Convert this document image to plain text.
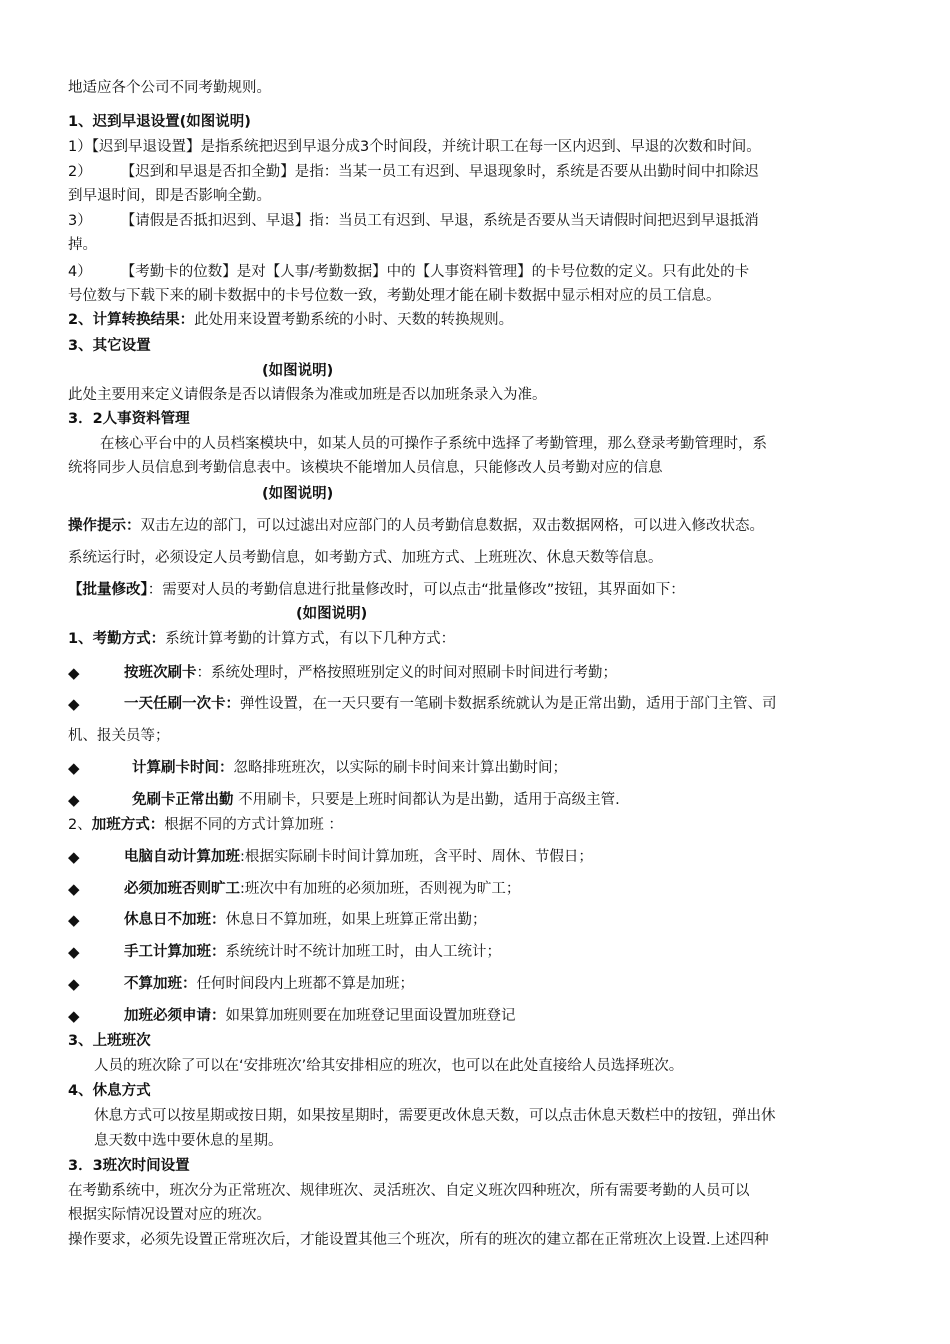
地适应各个公司不同考勤规则。
1、迟到早退设置(如图说明)
1）【迟到早退设置】是指系统把迟到早退分成3个时间段，并统计职工在每一区内迟到、早退的次数和时间。
2）　　　【迟到和早退是否扣全勤】是指：当某一员工有迟到、早退现象时，系统是否要从出勤时间中扣除迟
到早退时间，即是否影响全勤。
3）　　　【请假是否抵扣迟到、早退】指：当员工有迟到、早退，系统是否要从当天请假时间把迟到早退抵消
掉。
4）　　　【考勤卡的位数】是对【人事/考勤数据】中的【人事资料管理】的卡号位数的定义。只有此处的卡
号位数与下载下来的刷卡数据中的卡号位数一致，考勤处理才能在刷卡数据中显示相对应的员工信息。
2、计算转换结果：此处用来设置考勤系统的小时、天数的转换规则。
3、其它设置
(如图说明)
此处主要用来定义请假条是否以请假条为准或加班是否以加班条录入为准。
3．2人事资料管理
在核心平台中的人员档案模块中，如某人员的可操作子系统中选择了考勤管理，那么登录考勤管理时，系
统将同步人员信息到考勤信息表中。该模块不能增加人员信息，只能修改人员考勤对应的信息
(如图说明)
操作提示：双击左边的部门，可以过滤出对应部门的人员考勤信息数据，双击数据网格，可以进入修改状态。
系统运行时，必须设定人员考勤信息，如考勤方式、加班方式、上班班次、休息天数等信息。
【批量修改】：需要对人员的考勤信息进行批量修改时，可以点击“批量修改”按钮，其界面如下：
(如图说明)
1、考勤方式：系统计算考勤的计算方式，有以下几种方式：
◆	按班次刷卡：系统处理时，严格按照班别定义的时间对照刷卡时间进行考勤；
◆	一天任刷一次卡：弹性设置，在一天只要有一笔刷卡数据系统就认为是正常出勤，适用于部门主管、司
机、报关员等；
◆	计算刷卡时间：忽略排班班次，以实际的刷卡时间来计算出勤时间；
◆	免刷卡正常出勤 不用刷卡，只要是上班时间都认为是出勤，适用于高级主管.
2、加班方式：根据不同的方式计算加班 ：
◆	电脑自动计算加班:根据实际刷卡时间计算加班，含平时、周休、节假日；
◆	必须加班否则旷工:班次中有加班的必须加班，否则视为旷工；
◆	休息日不加班：休息日不算加班，如果上班算正常出勤；
◆	手工计算加班：系统统计时不统计加班工时，由人工统计；
◆	不算加班：任何时间段内上班都不算是加班；
◆	加班必须申请：如果算加班则要在加班登记里面设置加班登记
3、上班班次
人员的班次除了可以在‘安排班次’给其安排相应的班次，也可以在此处直接给人员选择班次。
4、休息方式
休息方式可以按星期或按日期，如果按星期时，需要更改休息天数，可以点击休息天数栏中的按钮，弹出休
息天数中选中要休息的星期。
3．3班次时间设置
在考勤系统中，班次分为正常班次、规律班次、灵活班次、自定义班次四种班次，所有需要考勤的人员可以
根据实际情况设置对应的班次。
操作要求，必须先设置正常班次后，才能设置其他三个班次，所有的班次的建立都在正常班次上设置.上述四种
